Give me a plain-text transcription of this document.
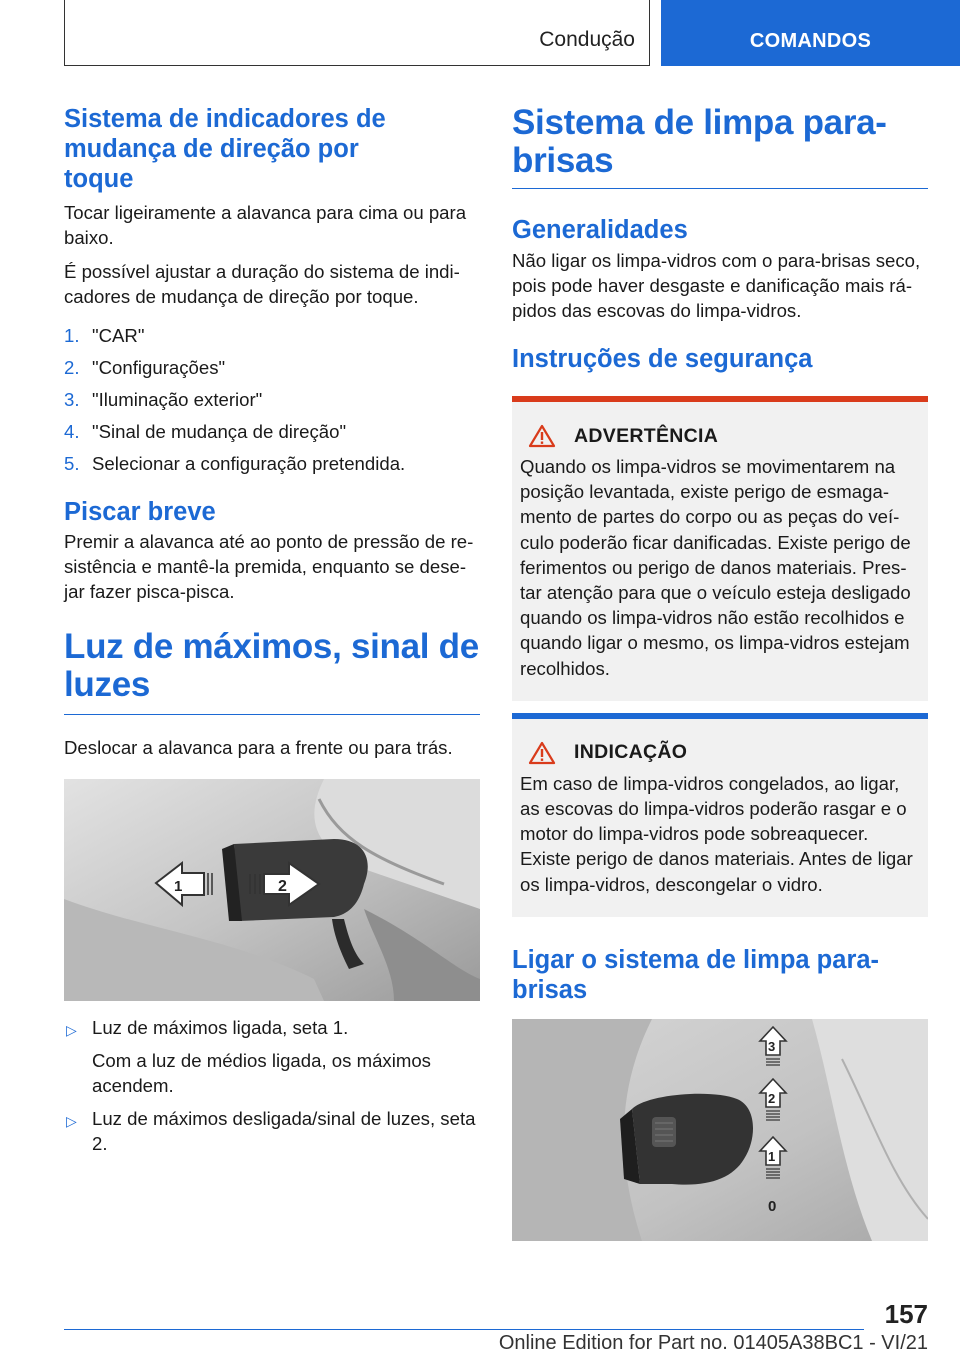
Condução	COMANDOS
Sistema de indicadores de mudança de direção por toque

Tocar ligeiramente a alavanca para cima ou para baixo.

É possível ajustar a duração do sistema de indicadores de mudança de direção por toque.

1. "CAR"
2. "Configurações"
3. "Iluminação exterior"
4. "Sinal de mudança de direção"
5. Selecionar a configuração pretendida.
Piscar breve

Premir a alavanca até ao ponto de pressão de resistência e mantê-la premida, enquanto se desejar fazer pisca-pisca.

Luz de máximos, sinal de luzes

Deslocar a alavanca para a frente ou para trás.

1	2
▷ Luz de máximos ligada, seta 1.

Com a luz de médios ligada, os máximos acendem.

▷ Luz de máximos desligada/sinal de luzes, seta 2.
Sistema de limpa para-brisas
Generalidades

Não ligar os limpa-vidros com o para-brisas seco, pois pode haver desgaste e danificação mais rápidos das escovas do limpa-vidros.

Instruções de segurança
ADVERTÊNCIA

Quando os limpa-vidros se movimentarem na posição levantada, existe perigo de esmagamento de partes do corpo ou as peças do veículo poderão ficar danificadas. Existe perigo de ferimentos ou perigo de danos materiais. Prestar atenção para que o veículo esteja desligado quando os limpa-vidros não estão recolhidos e quando ligar o mesmo, os limpa-vidros estejam recolhidos.

INDICAÇÃO

Em caso de limpa-vidros congelados, ao ligar, as escovas do limpa-vidros poderão rasgar e o motor do limpa-vidros pode sobreaquecer. Existe perigo de danos materiais. Antes de ligar os limpa-vidros, descongelar o vidro.

Ligar o sistema de limpa para-brisas
3
2
1
0
157
Online Edition for Part no. 01405A38BC1 - VI/21
